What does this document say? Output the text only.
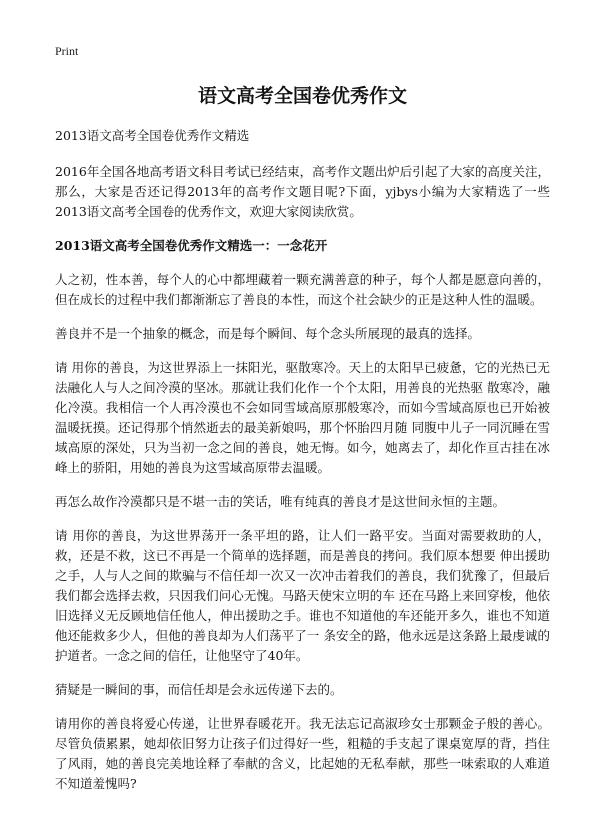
Print
语文高考全国卷优秀作文
2013语文高考全国卷优秀作文精选
2016年全国各地高考语文科目考试已经结束，高考作文题出炉后引起了大家的高度关注，那么，大家是否还记得2013年的高考作文题目呢?下面，yjbys小编为大家精选了一些2013语文高考全国卷的优秀作文，欢迎大家阅读欣赏。
2013语文高考全国卷优秀作文精选一：一念花开
人之初，性本善，每个人的心中都埋藏着一颗充满善意的种子，每个人都是愿意向善的，但在成长的过程中我们都渐渐忘了善良的本性，而这个社会缺少的正是这种人性的温暖。
善良并不是一个抽象的概念，而是每个瞬间、每个念头所展现的最真的选择。
请 用你的善良，为这世界添上一抹阳光，驱散寒冷。天上的太阳早已疲惫，它的光热已无法融化人与人之间冷漠的坚冰。那就让我们化作一个个太阳，用善良的光热驱 散寒冷，融化冷漠。我相信一个人再冷漠也不会如同雪域高原那般寒冷，而如今雪域高原也已开始被温暖抚摸。还记得那个悄然逝去的最美新娘吗，那个怀胎四月随 同腹中儿子一同沉睡在雪域高原的深处，只为当初一念之间的善良，她无悔。如今，她离去了，却化作亘古挂在冰峰上的骄阳，用她的善良为这雪域高原带去温暖。
再怎么故作冷漠都只是不堪一击的笑话，唯有纯真的善良才是这世间永恒的主题。
请 用你的善良，为这世界荡开一条平坦的路，让人们一路平安。当面对需要救助的人，救，还是不救，这已不再是一个简单的选择题，而是善良的拷问。我们原本想要 伸出援助之手，人与人之间的欺骗与不信任却一次又一次冲击着我们的善良，我们犹豫了，但最后我们都会选择去救，只因我们问心无愧。马路天使宋立明的车 还在马路上来回穿梭，他依旧选择义无反顾地信任他人，伸出援助之手。谁也不知道他的车还能开多久，谁也不知道他还能救多少人，但他的善良却为人们荡平了一 条安全的路，他永远是这条路上最虔诚的护道者。一念之间的信任，让他坚守了40年。
猜疑是一瞬间的事，而信任却是会永远传递下去的。
请用你的善良将爱心传递，让世界春暖花开。我无法忘记高淑珍女士那颗金子般的善心。尽管负债累累，她却依旧努力让孩子们过得好一些，粗糙的手支起了课桌宽厚的背，挡住了风雨，她的善良完美地诠释了奉献的含义，比起她的无私奉献，那些一味索取的人难道不知道羞愧吗?
